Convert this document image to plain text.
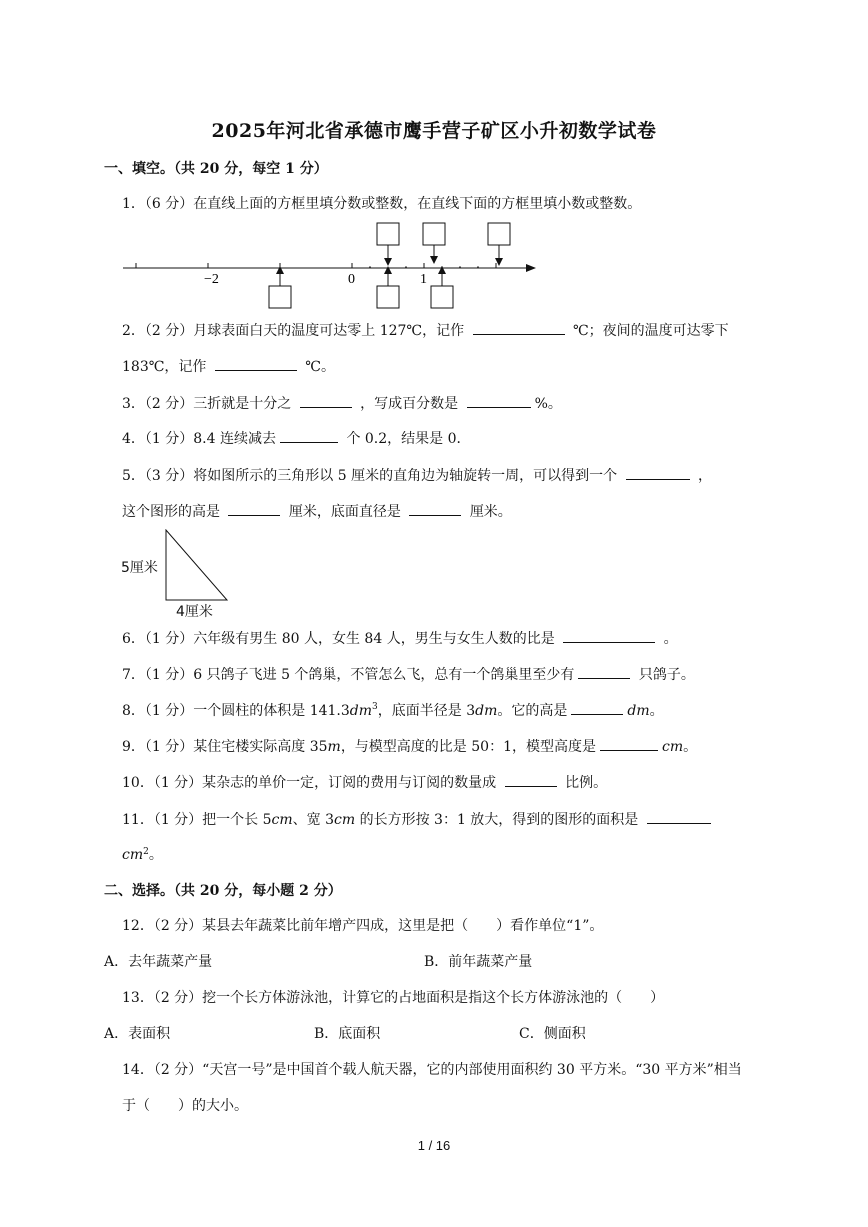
2025年河北省承德市鹰手营子矿区小升初数学试卷
一、填空。（共 20 分，每空 1 分）
1．（6 分）在直线上面的方框里填分数或整数，在直线下面的方框里填小数或整数。
−2	0	1
2．（2 分）月球表面白天的温度可达零上 127℃，记作	℃；夜间的温度可达零下
183℃，记作	℃。
3．（2 分）三折就是十分之	，写成百分数是	%。
4．（1 分）8.4 连续减去	个 0.2，结果是 0．
5．（3 分）将如图所示的三角形以 5 厘米的直角边为轴旋转一周，可以得到一个	，
这个图形的高是	厘米，底面直径是	厘米。
5厘米
4厘米
6．（1 分）六年级有男生 80 人，女生 84 人，男生与女生人数的比是	。
7．（1 分）6 只鸽子飞进 5 个鸽巢，不管怎么飞，总有一个鸽巢里至少有	只鸽子。
8．（1 分）一个圆柱的体积是 $141.3dm^3$，底面半径是 3dm。它的高是	dm。
9．（1 分）某住宅楼实际高度 35m，与模型高度的比是 50：1，模型高度是	cm。
10．（1 分）某杂志的单价一定，订阅的费用与订阅的数量成	比例。
11．（1 分）把一个长 5cm、宽 3cm 的长方形按 3：1 放大，得到的图形的面积是
$cm^2$。
二、选择。（共 20 分，每小题 2 分）
12．（2 分）某县去年蔬菜比前年增产四成，这里是把（　　）看作单位“1”。
A．去年蔬菜产量	B．前年蔬菜产量
13．（2 分）挖一个长方体游泳池，计算它的占地面积是指这个长方体游泳池的（　　）
A．表面积	B．底面积	C．侧面积
14．（2 分）“天宫一号”是中国首个载人航天器，它的内部使用面积约 30 平方米。“30 平方米”相当
于（　　）的大小。
1 / 16
